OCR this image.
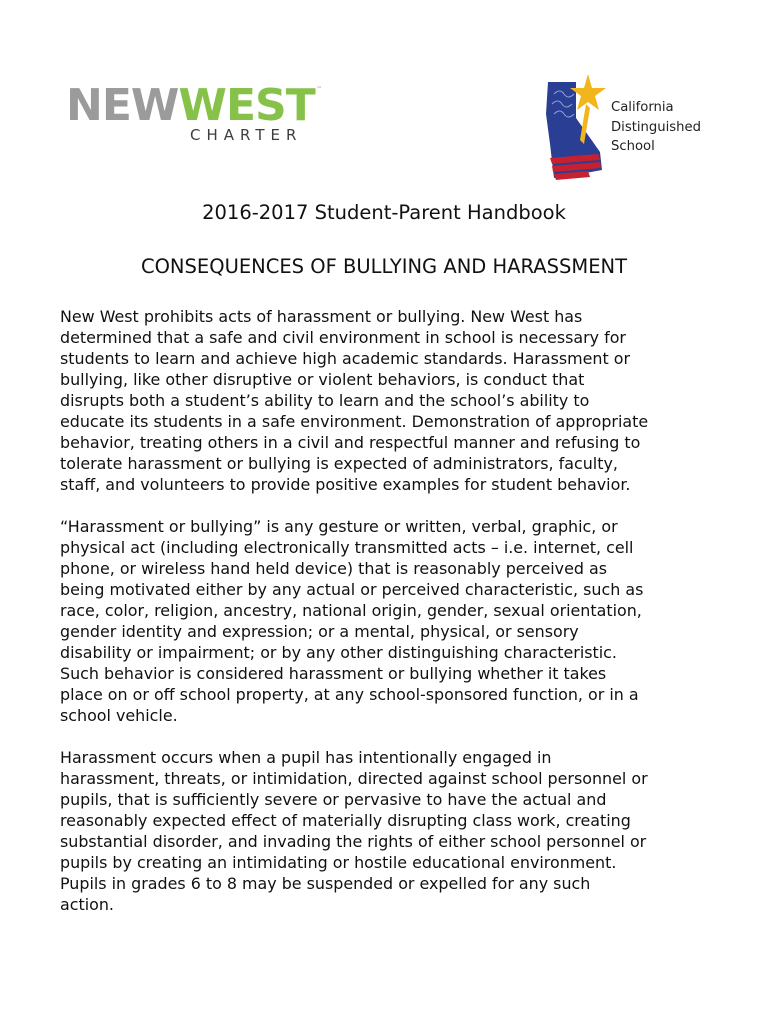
NEWWEST ™
CHARTER
California
Distinguished
School
2016-2017 Student-Parent Handbook
CONSEQUENCES OF BULLYING AND HARASSMENT

New West prohibits acts of harassment or bullying. New West has
determined that a safe and civil environment in school is necessary for
students to learn and achieve high academic standards. Harassment or
bullying, like other disruptive or violent behaviors, is conduct that
disrupts both a student’s ability to learn and the school’s ability to
educate its students in a safe environment. Demonstration of appropriate
behavior, treating others in a civil and respectful manner and refusing to
tolerate harassment or bullying is expected of administrators, faculty,
staff, and volunteers to provide positive examples for student behavior.

“Harassment or bullying” is any gesture or written, verbal, graphic, or
physical act (including electronically transmitted acts – i.e. internet, cell
phone, or wireless hand held device) that is reasonably perceived as
being motivated either by any actual or perceived characteristic, such as
race, color, religion, ancestry, national origin, gender, sexual orientation,
gender identity and expression; or a mental, physical, or sensory
disability or impairment; or by any other distinguishing characteristic.
Such behavior is considered harassment or bullying whether it takes
place on or off school property, at any school-sponsored function, or in a
school vehicle.

Harassment occurs when a pupil has intentionally engaged in
harassment, threats, or intimidation, directed against school personnel or
pupils, that is sufficiently severe or pervasive to have the actual and
reasonably expected effect of materially disrupting class work, creating
substantial disorder, and invading the rights of either school personnel or
pupils by creating an intimidating or hostile educational environment.
Pupils in grades 6 to 8 may be suspended or expelled for any such
action.
